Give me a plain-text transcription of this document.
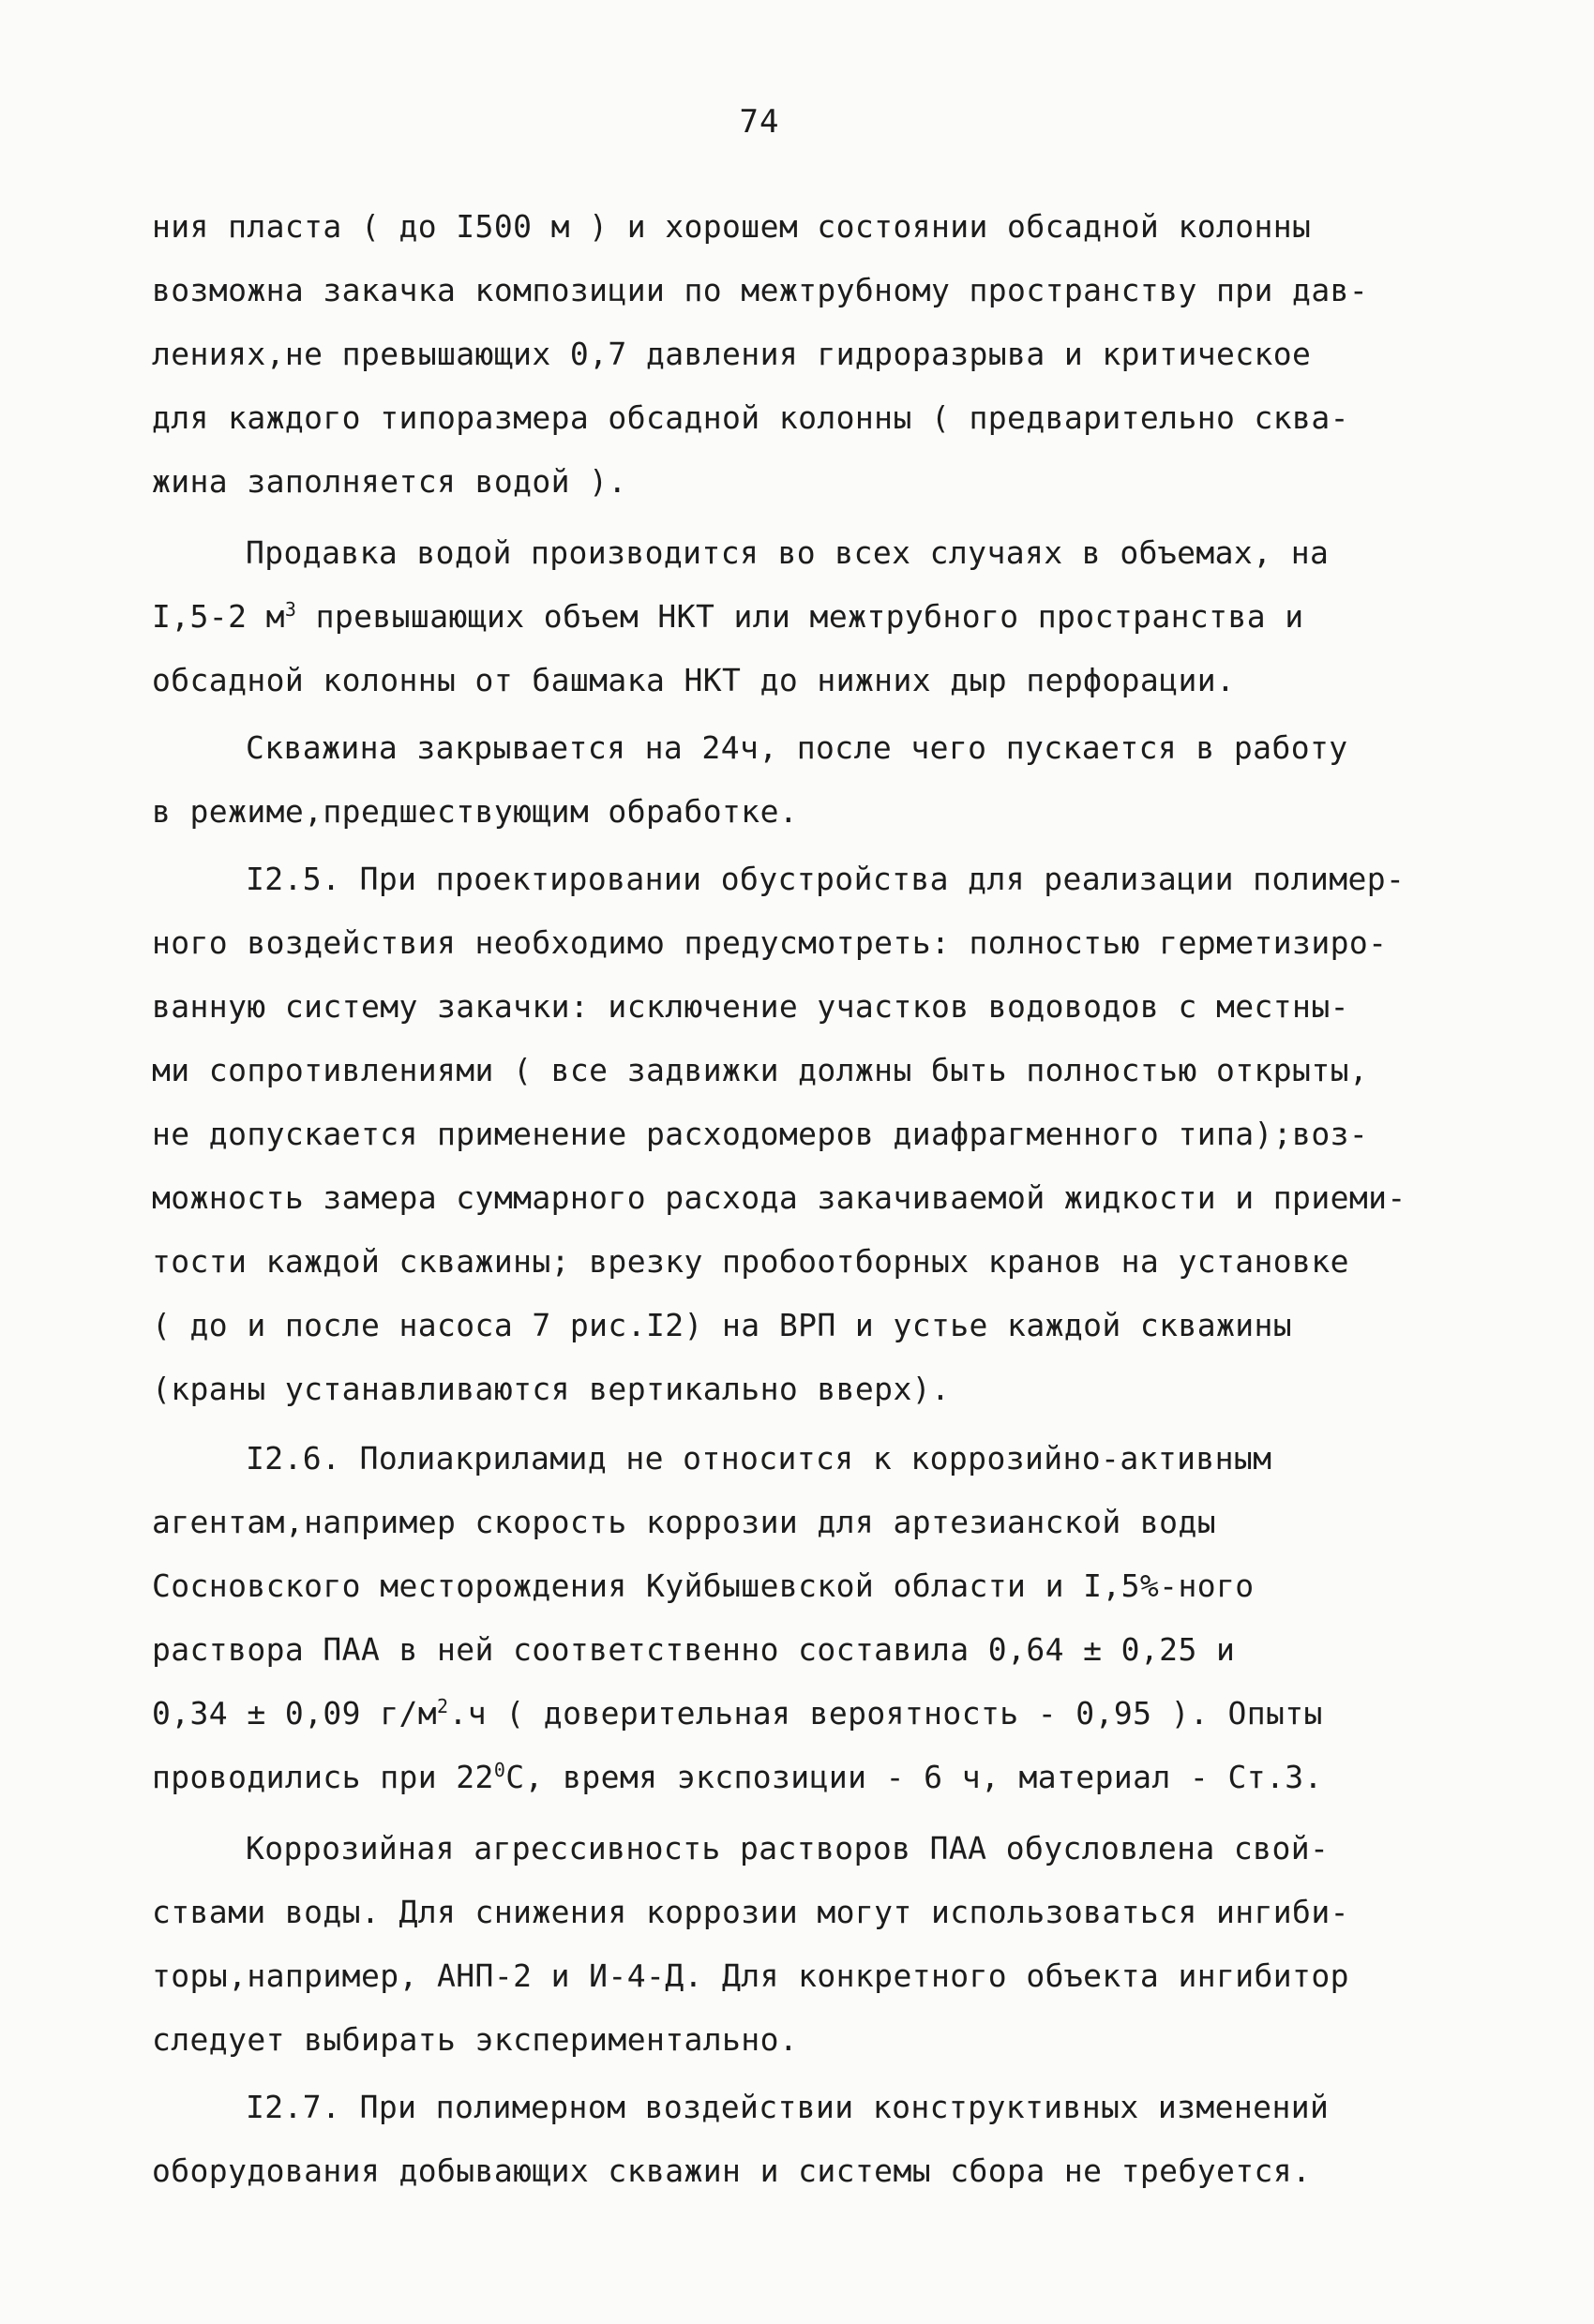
74
ния пласта ( до I500 м ) и хорошем состоянии обсадной колонны
возможна закачка композиции по межтрубному пространству при дав-
лениях,не превышающих 0,7 давления гидроразрыва и критическое
для каждого типоразмера обсадной колонны ( предварительно сква-
жина заполняется водой ).
Продавка водой производится во всех случаях в объемах, на
I,5-2 $м^3$ превышающих объем НКТ или межтрубного пространства и
обсадной колонны от башмака НКТ до нижних дыр перфорации.
Скважина закрывается на 24ч, после чего пускается в работу
в режиме,предшествующим обработке.
I2.5. При проектировании обустройства для реализации полимер-
ного воздействия необходимо предусмотреть: полностью герметизиро-
ванную систему закачки: исключение участков водоводов с местны-
ми сопротивлениями ( все задвижки должны быть полностью открыты,
не допускается применение расходомеров диафрагменного типа);воз-
можность замера суммарного расхода закачиваемой жидкости и приеми-
тости каждой скважины; врезку пробоотборных кранов на установке
( до и после насоса 7 рис.I2) на ВРП и устье каждой скважины
(краны устанавливаются вертикально вверх).
I2.6. Полиакриламид не относится к коррозийно-активным
агентам,например скорость коррозии для артезианской воды
Сосновского месторождения Куйбышевской области и I,5%-ного
раствора ПАА в ней соответственно составила 0,64 ± 0,25 и
0,34 ± 0,09 $г/м^2.ч$ ( доверительная вероятность - 0,95 ). Опыты
проводились при $22^0С$, время экспозиции - 6 ч, материал - Ст.3.
Коррозийная агрессивность растворов ПАА обусловлена свой-
ствами воды. Для снижения коррозии могут использоваться ингиби-
торы,например, АНП-2 и И-4-Д. Для конкретного объекта ингибитор
следует выбирать экспериментально.
I2.7. При полимерном воздействии конструктивных изменений
оборудования добывающих скважин и системы сбора не требуется.
